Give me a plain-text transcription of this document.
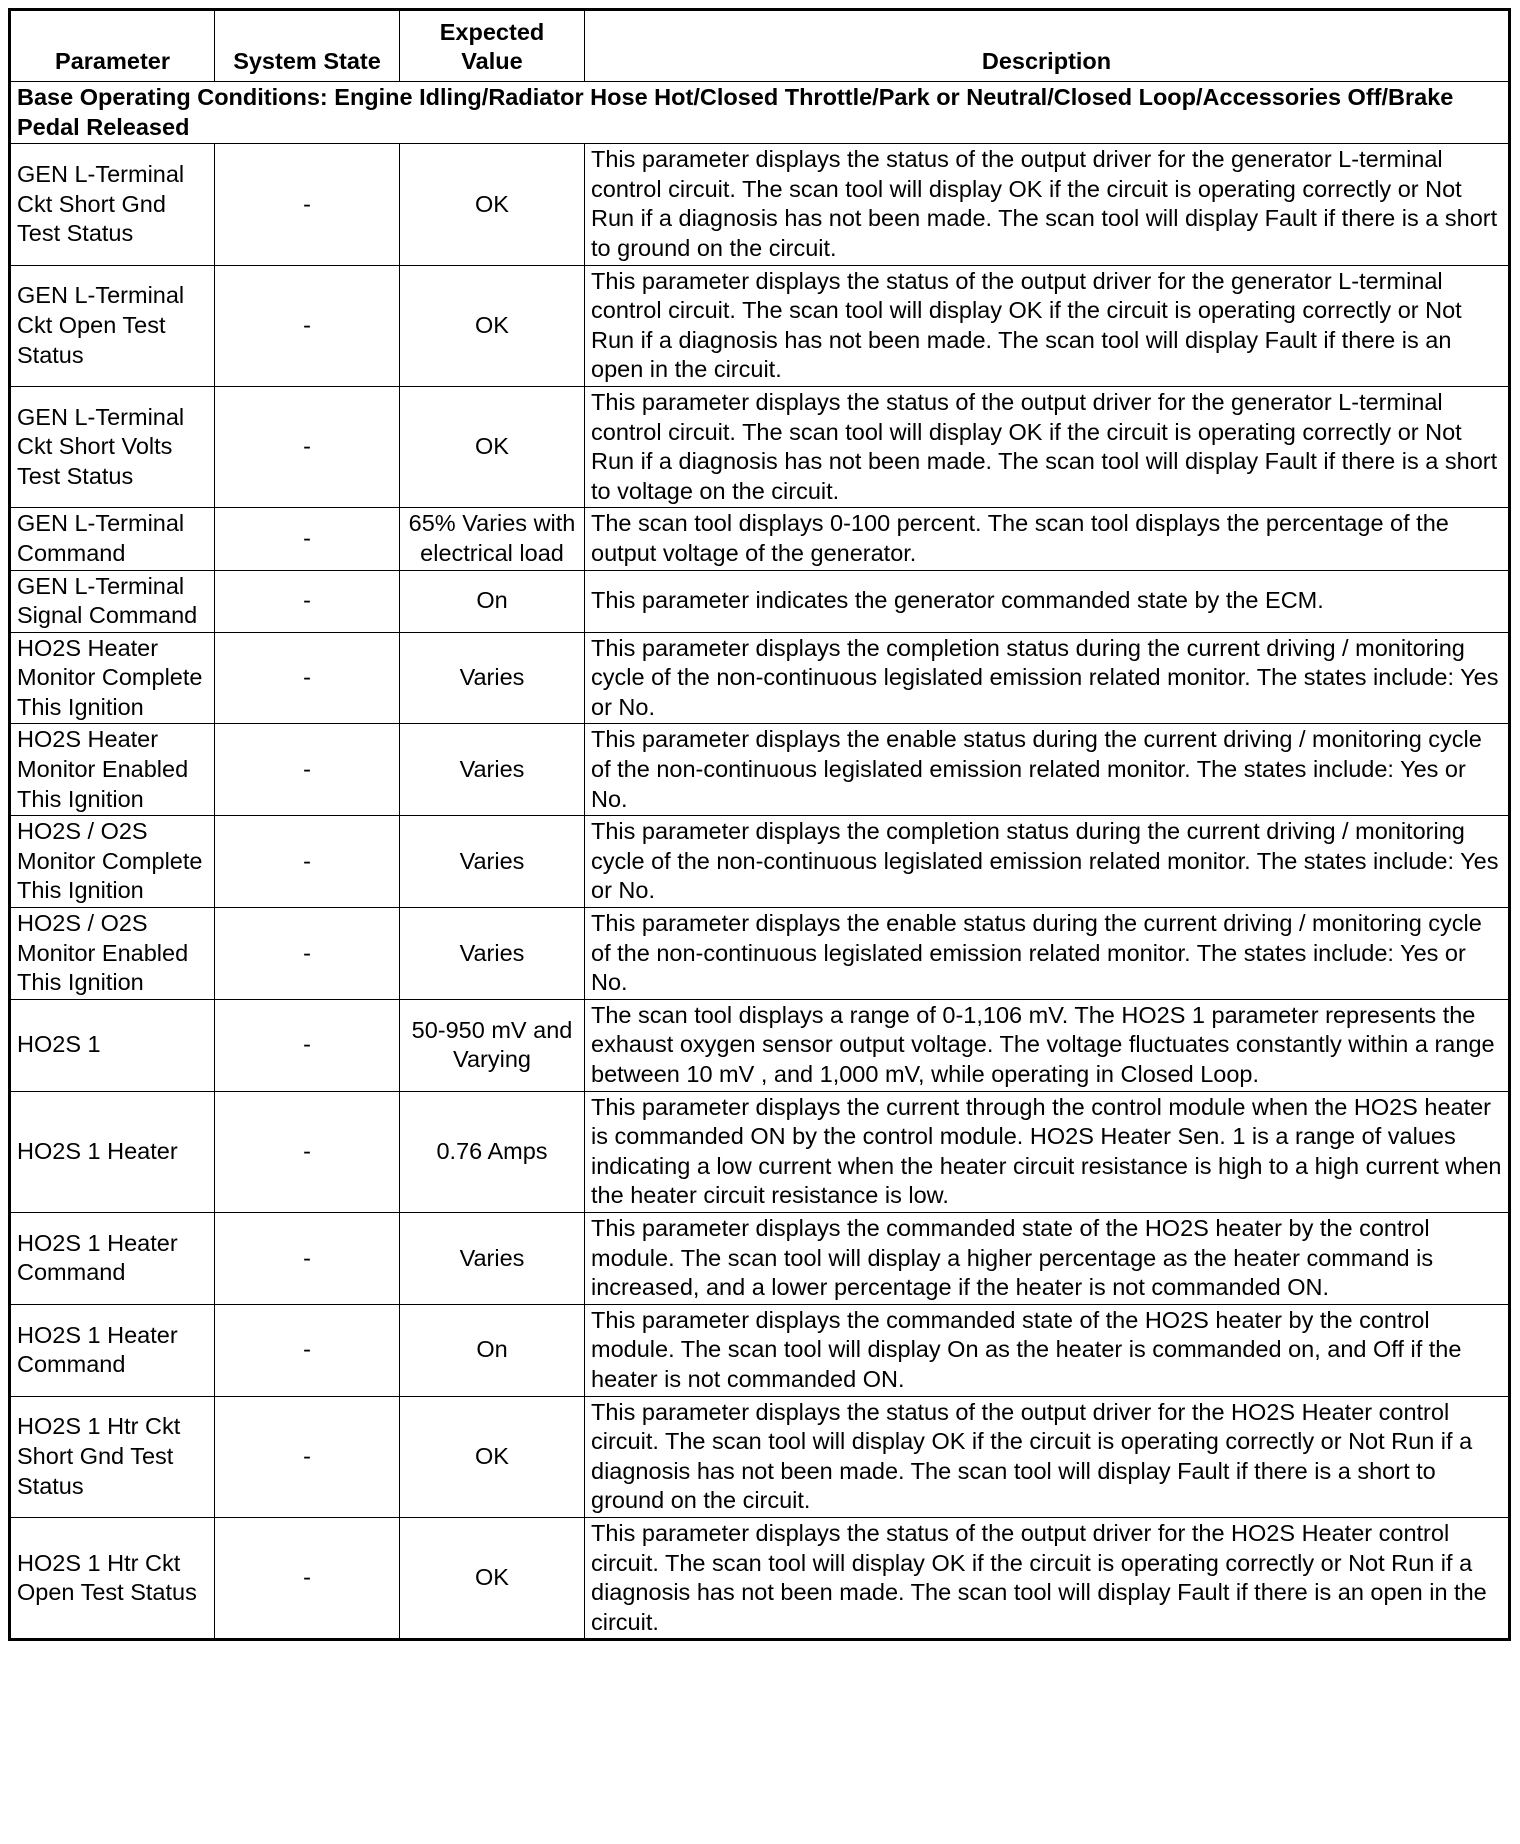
Parameter	System State	Expected Value	Description
Base Operating Conditions: Engine Idling/Radiator Hose Hot/Closed Throttle/Park or Neutral/Closed Loop/Accessories Off/Brake Pedal Released			
GEN L-Terminal Ckt Short Gnd Test Status	-	OK	This parameter displays the status of the output driver for the generator L-terminal control circuit. The scan tool will display OK if the circuit is operating correctly or Not Run if a diagnosis has not been made. The scan tool will display Fault if there is a short to ground on the circuit.
GEN L-Terminal Ckt Open Test Status	-	OK	This parameter displays the status of the output driver for the generator L-terminal control circuit. The scan tool will display OK if the circuit is operating correctly or Not Run if a diagnosis has not been made. The scan tool will display Fault if there is an open in the circuit.
GEN L-Terminal Ckt Short Volts Test Status	-	OK	This parameter displays the status of the output driver for the generator L-terminal control circuit. The scan tool will display OK if the circuit is operating correctly or Not Run if a diagnosis has not been made. The scan tool will display Fault if there is a short to voltage on the circuit.
GEN L-Terminal Command	-	65% Varies with electrical load	The scan tool displays 0-100 percent. The scan tool displays the percentage of the output voltage of the generator.
GEN L-Terminal Signal Command	-	On	This parameter indicates the generator commanded state by the ECM.
HO2S Heater Monitor Complete This Ignition	-	Varies	This parameter displays the completion status during the current driving / monitoring cycle of the non-continuous legislated emission related monitor. The states include: Yes or No.
HO2S Heater Monitor Enabled This Ignition	-	Varies	This parameter displays the enable status during the current driving / monitoring cycle of the non-continuous legislated emission related monitor. The states include: Yes or No.
HO2S / O2S Monitor Complete This Ignition	-	Varies	This parameter displays the completion status during the current driving / monitoring cycle of the non-continuous legislated emission related monitor. The states include: Yes or No.
HO2S / O2S Monitor Enabled This Ignition	-	Varies	This parameter displays the enable status during the current driving / monitoring cycle of the non-continuous legislated emission related monitor. The states include: Yes or No.
HO2S 1	-	50-950 mV and Varying	The scan tool displays a range of 0-1,106 mV. The HO2S 1 parameter represents the exhaust oxygen sensor output voltage. The voltage fluctuates constantly within a range between 10 mV , and 1,000 mV, while operating in Closed Loop.
HO2S 1 Heater	-	0.76 Amps	This parameter displays the current through the control module when the HO2S heater is commanded ON by the control module. HO2S Heater Sen. 1 is a range of values indicating a low current when the heater circuit resistance is high to a high current when the heater circuit resistance is low.
HO2S 1 Heater Command	-	Varies	This parameter displays the commanded state of the HO2S heater by the control module. The scan tool will display a higher percentage as the heater command is increased, and a lower percentage if the heater is not commanded ON.
HO2S 1 Heater Command	-	On	This parameter displays the commanded state of the HO2S heater by the control module. The scan tool will display On as the heater is commanded on, and Off if the heater is not commanded ON.
HO2S 1 Htr Ckt Short Gnd Test Status	-	OK	This parameter displays the status of the output driver for the HO2S Heater control circuit. The scan tool will display OK if the circuit is operating correctly or Not Run if a diagnosis has not been made. The scan tool will display Fault if there is a short to ground on the circuit.
HO2S 1 Htr Ckt Open Test Status	-	OK	This parameter displays the status of the output driver for the HO2S Heater control circuit. The scan tool will display OK if the circuit is operating correctly or Not Run if a diagnosis has not been made. The scan tool will display Fault if there is an open in the circuit.
